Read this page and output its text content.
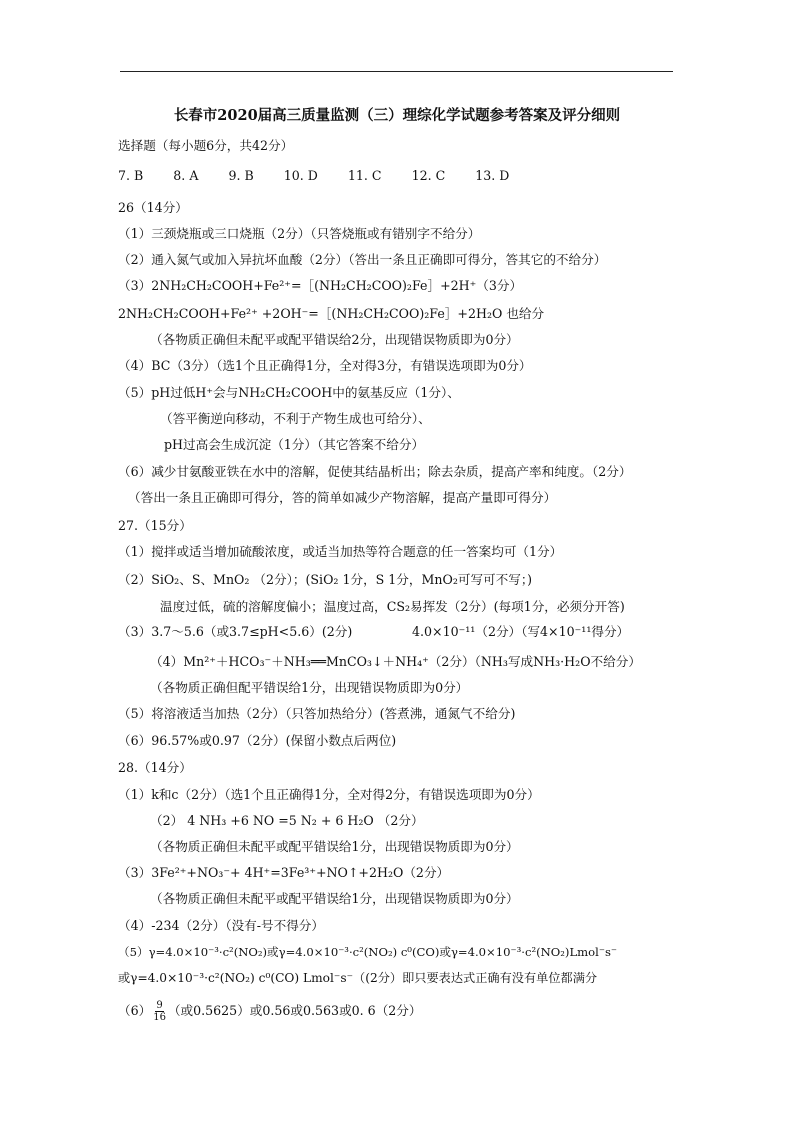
长春市2020届高三质量监测（三）理综化学试题参考答案及评分细则
选择题（每小题6分，共42分）
7. B 8. A 9. B 10. D 11. C 12. C 13. D
26（14分）
（1）三颈烧瓶或三口烧瓶（2分）（只答烧瓶或有错别字不给分）
（2）通入氮气或加入异抗坏血酸（2分）（答出一条且正确即可得分，答其它的不给分）
（3）2NH₂CH₂COOH+Fe²⁺=［(NH₂CH₂COO)₂Fe］+2H⁺（3分）
2NH₂CH₂COOH+Fe²⁺ +2OH⁻=［(NH₂CH₂COO)₂Fe］+2H₂O 也给分
（各物质正确但未配平或配平错误给2分，出现错误物质即为0分）
（4）BC（3分）（选1个且正确得1分，全对得3分，有错误选项即为0分）
（5）pH过低H⁺会与NH₂CH₂COOH中的氨基反应（1分）、
（答平衡逆向移动，不利于产物生成也可给分）、
pH过高会生成沉淀（1分）（其它答案不给分）
（6）减少甘氨酸亚铁在水中的溶解，促使其结晶析出；除去杂质，提高产率和纯度。（2分）
（答出一条且正确即可得分，答的简单如减少产物溶解，提高产量即可得分）
27.（15分）
（1）搅拌或适当增加硫酸浓度，或适当加热等符合题意的任一答案均可（1分）
（2）SiO₂、S、MnO₂ （2分）；(SiO₂ 1分，S 1分，MnO₂可写可不写；)
温度过低，硫的溶解度偏小；温度过高，CS₂易挥发（2分）(每项1分，必须分开答)
（3）3.7～5.6（或3.7≤pH<5.6）(2分)	4.0×10⁻¹¹（2分）（写4×10⁻¹¹得分）
（4）Mn²⁺＋HCO₃⁻＋NH₃══MnCO₃↓＋NH₄⁺（2分）（NH₃写成NH₃·H₂O不给分）
（各物质正确但配平错误给1分，出现错误物质即为0分）
（5）将溶液适当加热（2分）（只答加热给分）(答煮沸，通氮气不给分)
（6）96.57%或0.97（2分）(保留小数点后两位)
28.（14分）
（1）k和c（2分）（选1个且正确得1分，全对得2分，有错误选项即为0分）
（2） 4 NH₃ +6 NO =5 N₂ + 6 H₂O （2分）
（各物质正确但未配平或配平错误给1分，出现错误物质即为0分）
（3）3Fe²⁺+NO₃⁻+ 4H⁺=3Fe³⁺+NO↑+2H₂O（2分）
（各物质正确但未配平或配平错误给1分，出现错误物质即为0分）
（4）-234（2分）（没有-号不得分）
（5）γ=4.0×10⁻³·c²(NO₂)或γ=4.0×10⁻³·c²(NO₂) c⁰(CO)或γ=4.0×10⁻³·c²(NO₂)Lmol⁻s⁻
或γ=4.0×10⁻³·c²(NO₂) c⁰(CO) Lmol⁻s⁻（(2分）即只要表达式正确有没有单位都满分
$(6) \frac{9}{16}$ （或0.5625）或0.56或0.563或0. 6（2分）
